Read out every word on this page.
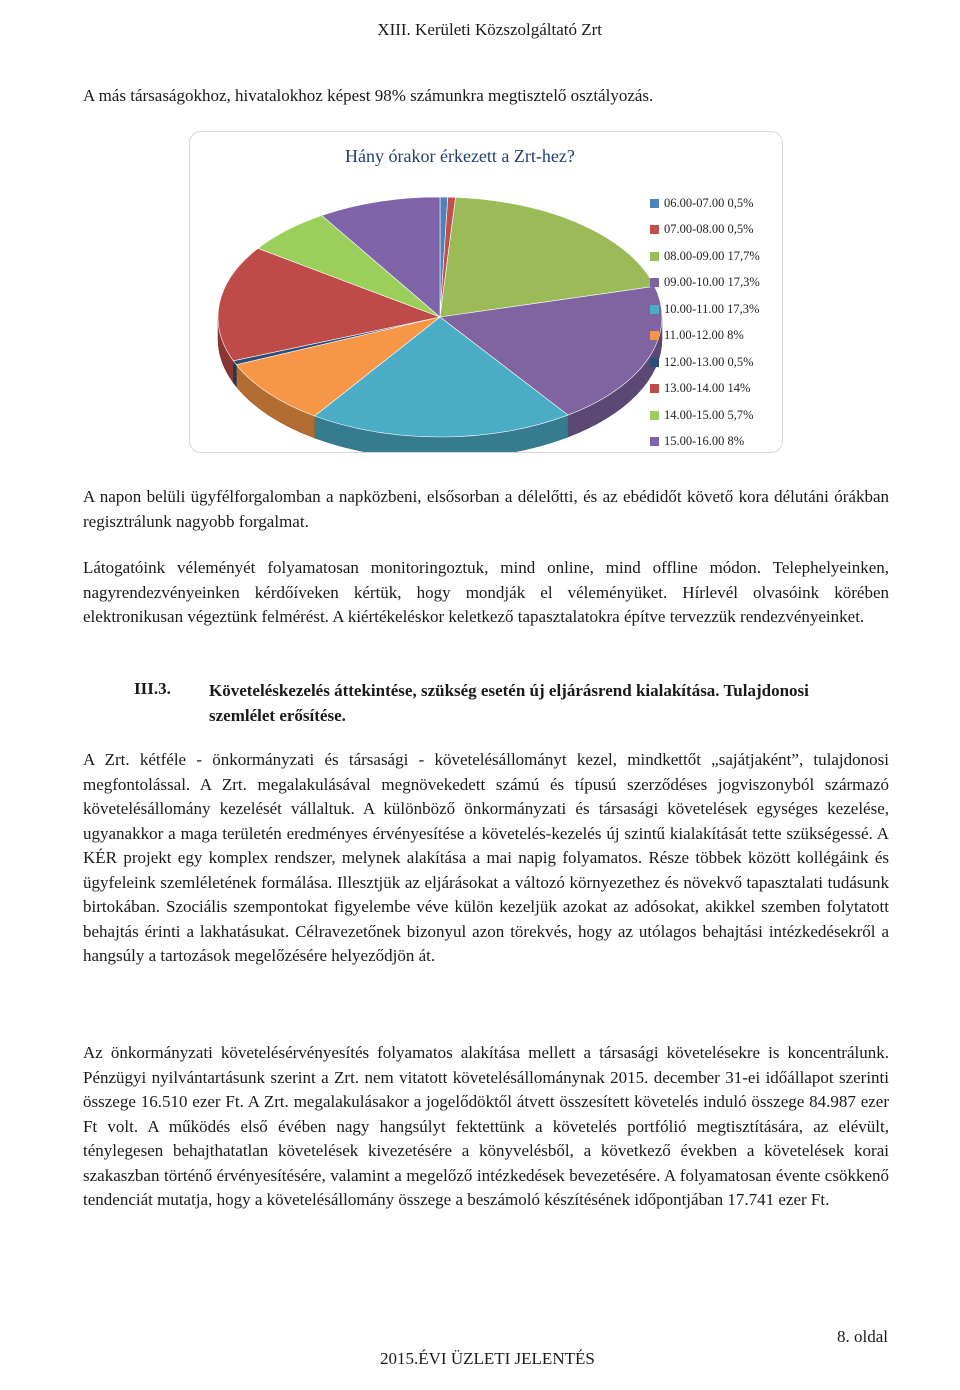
XIII. Kerületi Közszolgáltató Zrt

A más társaságokhoz, hivatalokhoz képest 98% számunkra megtisztelő osztályozás.

Hány órakor érkezett a Zrt-hez?
06.00-07.00 0,5%
07.00-08.00 0,5%
08.00-09.00 17,7%
09.00-10.00 17,3%
10.00-11.00 17,3%
11.00-12.00 8%
12.00-13.00 0,5%
13.00-14.00 14%
14.00-15.00 5,7%
15.00-16.00 8%

A napon belüli ügyfélforgalomban a napközbeni, elsősorban a délelőtti, és az ebédidőt követő kora délutáni órákban regisztrálunk nagyobb forgalmat.

Látogatóink véleményét folyamatosan monitoringoztuk, mind online, mind offline módon. Telephelyeinken, nagyrendezvényeinken kérdőíveken kértük, hogy mondják el véleményüket. Hírlevél olvasóink körében elektronikusan végeztünk felmérést. A kiértékeléskor keletkező tapasztalatokra építve tervezzük rendezvényeinket.

III.3. Követeléskezelés áttekintése, szükség esetén új eljárásrend kialakítása. Tulajdonosi szemlélet erősítése.

A Zrt. kétféle - önkormányzati és társasági - követelésállományt kezel, mindkettőt „sajátjaként”, tulajdonosi megfontolással. A Zrt. megalakulásával megnövekedett számú és típusú szerződéses jogviszonyból származó követelésállomány kezelését vállaltuk. A különböző önkormányzati és társasági követelések egységes kezelése, ugyanakkor a maga területén eredményes érvényesítése a követelés-kezelés új szintű kialakítását tette szükségessé. A KÉR projekt egy komplex rendszer, melynek alakítása a mai napig folyamatos. Része többek között kollégáink és ügyfeleink szemléletének formálása. Illesztjük az eljárásokat a változó környezethez és növekvő tapasztalati tudásunk birtokában. Szociális szempontokat figyelembe véve külön kezeljük azokat az adósokat, akikkel szemben folytatott behajtás érinti a lakhatásukat. Célravezetőnek bizonyul azon törekvés, hogy az utólagos behajtási intézkedésekről a hangsúly a tartozások megelőzésére helyeződjön át.

Az önkormányzati követelésérvényesítés folyamatos alakítása mellett a társasági követelésekre is koncentrálunk. Pénzügyi nyilvántartásunk szerint a Zrt. nem vitatott követelésállománynak 2015. december 31-ei időállapot szerinti összege 16.510 ezer Ft. A Zrt. megalakulásakor a jogelődöktől átvett összesített követelés induló összege 84.987 ezer Ft volt. A működés első évében nagy hangsúlyt fektettünk a követelés portfólió megtisztítására, az elévült, ténylegesen behajthatatlan követelések kivezetésére a könyvelésből, a következő években a követelések korai szakaszban történő érvényesítésére, valamint a megelőző intézkedések bevezetésére. A folyamatosan évente csökkenő tendenciát mutatja, hogy a követelésállomány összege a beszámoló készítésének időpontjában 17.741 ezer Ft.

8. oldal
2015.ÉVI ÜZLETI JELENTÉS
